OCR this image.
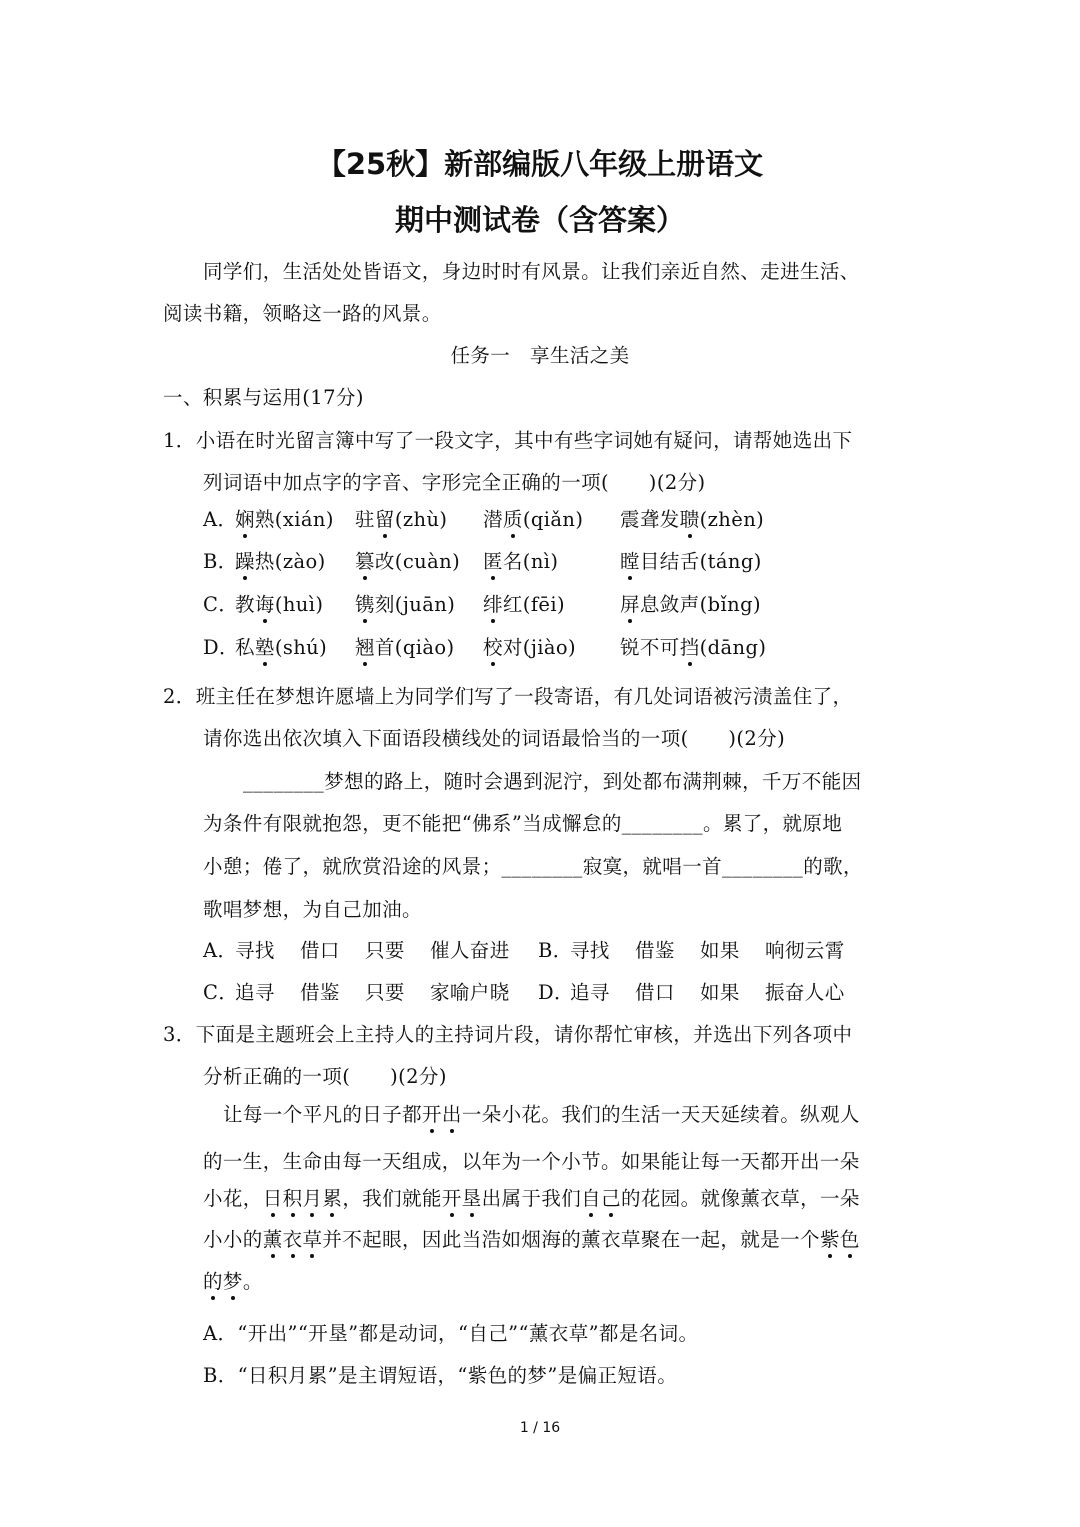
【25秋】新部编版八年级上册语文
期中测试卷（含答案）
同学们，生活处处皆语文，身边时时有风景。让我们亲近自然、走进生活、
阅读书籍，领略这一路的风景。
任务一　享生活之美
一、积累与运用(17分)
1．小语在时光留言簿中写了一段文字，其中有些字词她有疑问，请帮她选出下
列词语中加点字的字音、字形完全正确的一项(　　)(2分)
A．
娴熟(xián) 驻留(zhù) 潜质(qiǎn) 震聋发聩(zhèn)
B．
躁热(zào) 篡改(cuàn) 匿名(nì)	瞠目结舌(táng)
C．
教诲(huì) 镌刻(juān) 绯红(fēi)	屏息敛声(bǐng)
D．
私塾(shú) 翘首(qiào) 校对(jiào) 锐不可挡(dāng)
2．班主任在梦想许愿墙上为同学们写了一段寄语，有几处词语被污渍盖住了，
请你选出依次填入下面语段横线处的词语最恰当的一项(　　)(2分)
________梦想的路上，随时会遇到泥泞，到处都布满荆棘，千万不能因
为条件有限就抱怨，更不能把“佛系”当成懈怠的________。累了，就原地
小憩；倦了，就欣赏沿途的风景；________寂寞，就唱一首________的歌，
歌唱梦想，为自己加油。
A．
寻找 借口 只要 催人奋进 B．
寻找 借鉴 如果 响彻云霄
C．
追寻 借鉴 只要 家喻户晓 D．
追寻 借口 如果 振奋人心
3．下面是主题班会上主持人的主持词片段，请你帮忙审核，并选出下列各项中
分析正确的一项(　　)(2分)
让每一个平凡的日子都开出一朵小花。我们的生活一天天延续着。纵观人
的一生，生命由每一天组成，以年为一个小节。如果能让每一天都开出一朵
小花，日积月累，我们就能开垦出属于我们自己的花园。就像薰衣草，一朵
小小的薰衣草并不起眼，因此当浩如烟海的薰衣草聚在一起，就是一个紫色
的梦。
A．“开出”“开垦”都是动词，“自己”“薰衣草”都是名词。
B．“日积月累”是主谓短语，“紫色的梦”是偏正短语。
1 / 16
